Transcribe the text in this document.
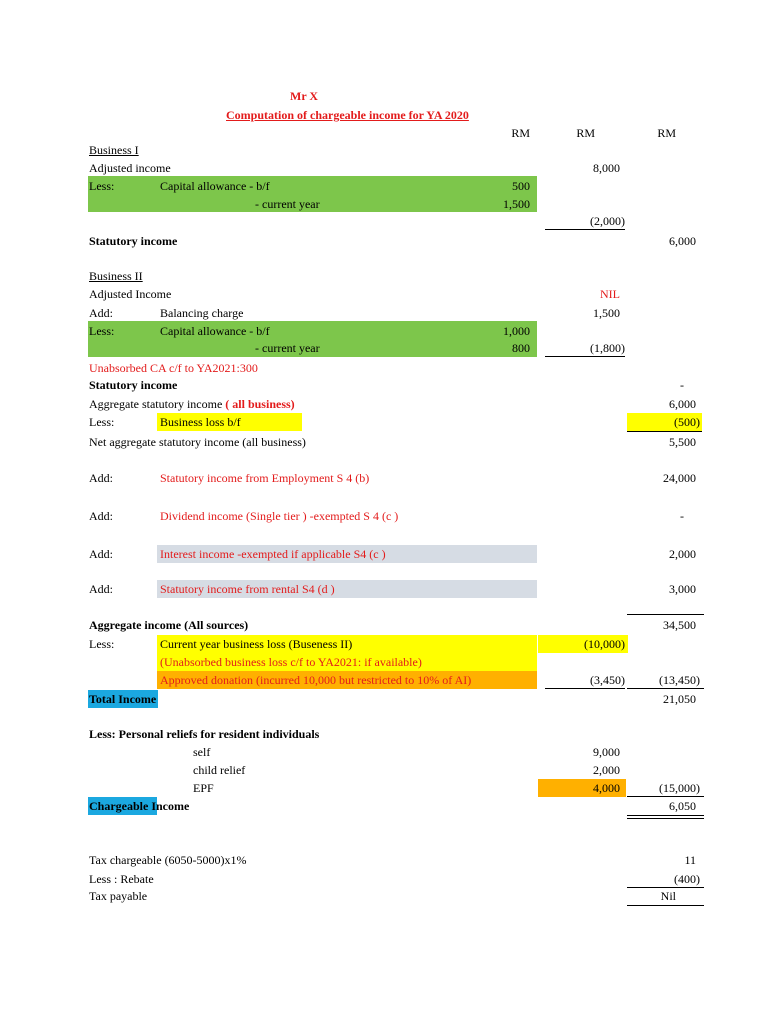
Mr X
Computation of chargeable income for YA 2020
RM	RM	RM
Business I
Adjusted income	8,000
Less:	Capital allowance - b/f	500
- current year	1,500
(2,000)
Statutory income	6,000
Business II
Adjusted Income	NIL
Add:	Balancing charge	1,500
Less:	Capital allowance - b/f	1,000
- current year	800	(1,800)
Unabsorbed CA c/f to YA2021:300
Statutory income	-
Aggregate statutory income ( all business)	6,000
Less:	Business loss b/f	(500)
Net aggregate statutory income (all business)	5,500
Add:	Statutory income from Employment S 4 (b)	24,000
Add:	Dividend income (Single tier ) -exempted S 4 (c )	-
Add:	Interest income -exempted if applicable S4 (c )	2,000
Add:	Statutory income from rental S4 (d )	3,000
Aggregate income (All sources)	34,500
Less:	Current year business loss (Buseness II)	(10,000)
(Unabsorbed business loss c/f to YA2021: if available)
Approved donation (incurred 10,000 but restricted to 10% of AI)	(3,450)	(13,450)
Total Income	21,050
Less: Personal reliefs for resident individuals
self	9,000
child relief	2,000
EPF	4,000	(15,000)
Chargeable Income	6,050
Tax chargeable (6050-5000)x1%	11
Less : Rebate	(400)
Tax payable	Nil
